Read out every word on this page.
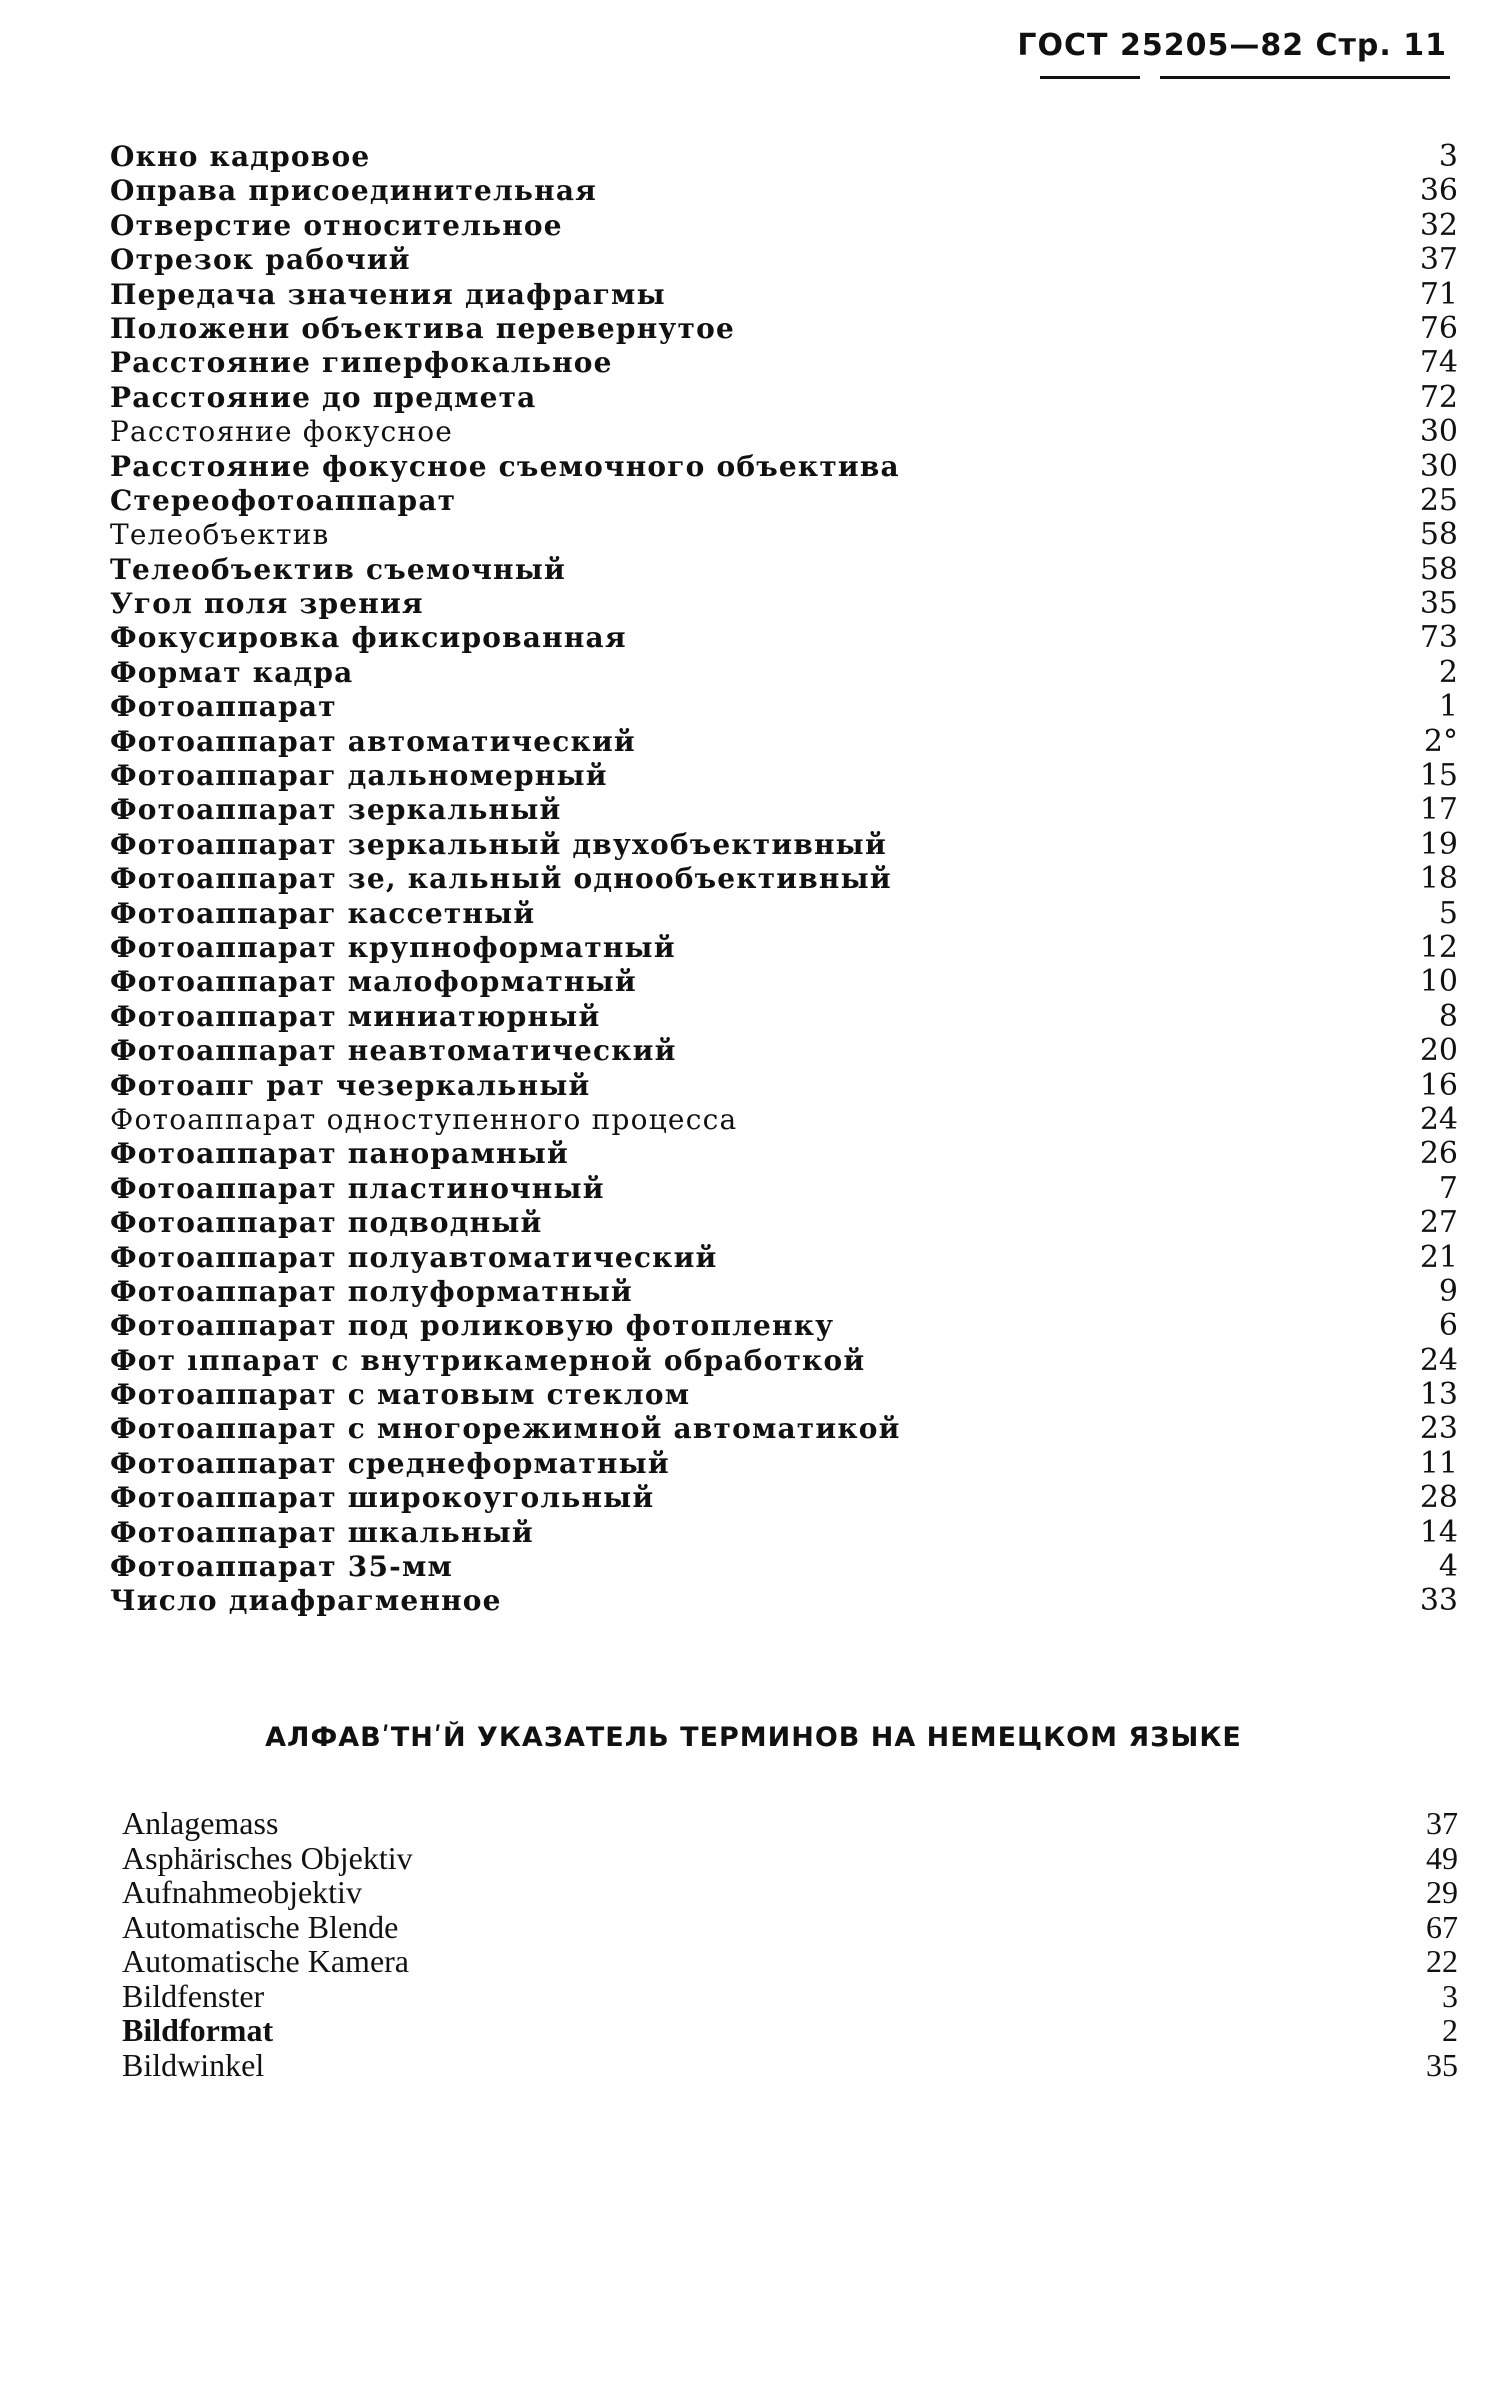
ГОСТ 25205—82 Стр. 11
Окно кадровое	3
Оправа присоединительная	36
Отверстие относительное	32
Отрезок рабочий	37
Передача значения диафрагмы	71
Положени объектива перевернутое	76
Расстояние гиперфокальное	74
Расстояние до предмета	72
Расстояние фокусное	30
Расстояние фокусное съемочного объектива	30
Стереофотоаппарат	25
Телеобъектив	58
Телеобъектив съемочный	58
Угол поля зрения	35
Фокусировка фиксированная	73
Формат кадра	2
Фотоаппарат	1
Фотоаппарат автоматический	2°
Фотоаппараг дальномерный	15
Фотоаппарат зеркальный	17
Фотоаппарат зеркальный двухобъективный	19
Фотоаппарат зе, кальный однообъективный	18
Фотоаппараг кассетный	5
Фотоаппарат крупноформатный	12
Фотоаппарат малоформатный	10
Фотоаппарат миниатюрный	8
Фотоаппарат неавтоматический	20
Фотоапг рат чезеркальный	16
Фотоаппарат одноступенного процесса	24
Фотоаппарат панорамный	26
Фотоаппарат пластиночный	7
Фотоаппарат подводный	27
Фотоаппарат полуавтоматический	21
Фотоаппарат полуформатный	9
Фотоаппарат под роликовую фотопленку	6
Фот ıппарат с внутрикамерной обработкой	24
Фотоаппарат с матовым стеклом	13
Фотоаппарат с многорежимной автоматикой	23
Фотоаппарат среднеформатный	11
Фотоаппарат широкоугольный	28
Фотоаппарат шкальный	14
Фотоаппарат 35-мм	4
Число диафрагменное	33
АЛФАВʹТНʹЙ УКАЗАТЕЛЬ ТЕРМИНОВ НА НЕМЕЦКОМ ЯЗЫКЕ
Anlagemass	37
Asphärisches Objektiv	49
Aufnahmeobjektiv	29
Automatische Blende	67
Automatische Kamera	22
Bildfenster	3
Bildformat	2
Bildwinkel	35
